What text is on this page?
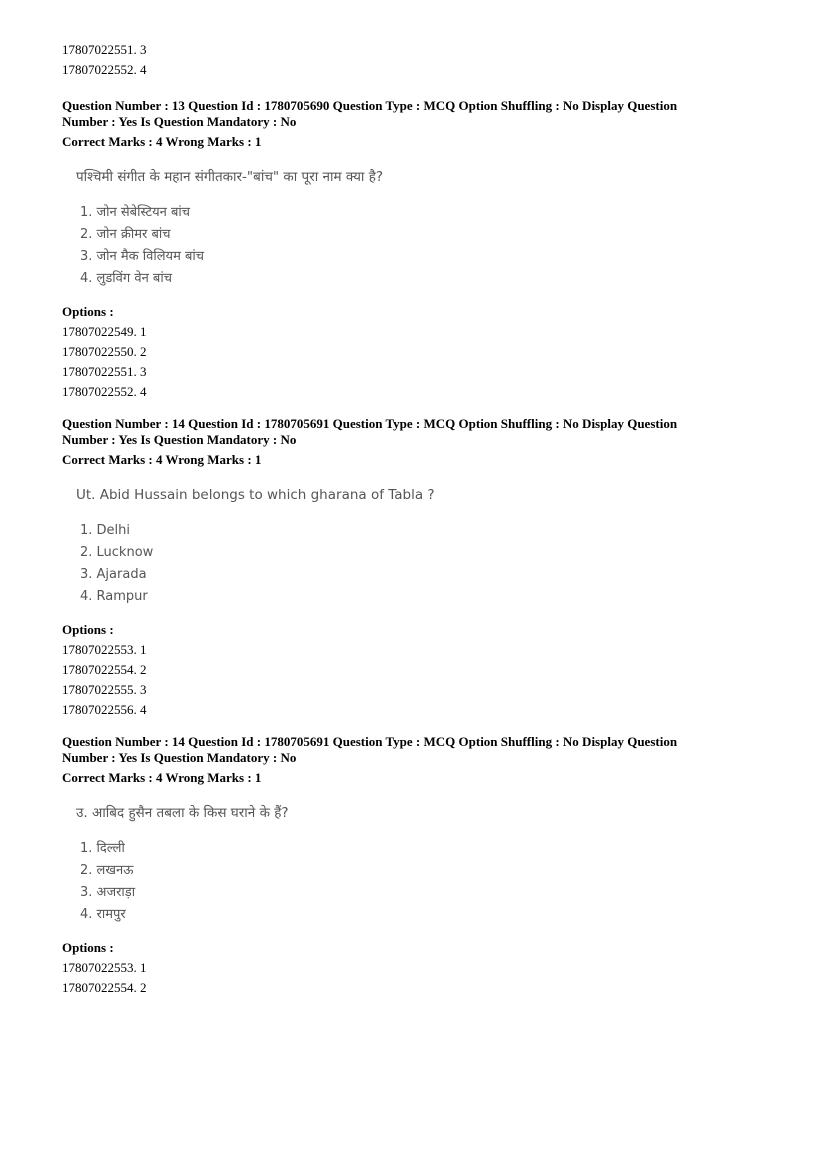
17807022551. 3
17807022552. 4
Question Number : 13 Question Id : 1780705690 Question Type : MCQ Option Shuffling : No Display Question
Number : Yes Is Question Mandatory : No
Correct Marks : 4 Wrong Marks : 1
पश्चिमी संगीत के महान संगीतकार-"बांच" का पूरा नाम क्या है?
1. जोन सेबेस्टियन बांच
2. जोन क्रीमर बांच
3. जोन मैक विलियम बांच
4. लुडविंग वेन बांच
Options :
17807022549. 1
17807022550. 2
17807022551. 3
17807022552. 4
Question Number : 14 Question Id : 1780705691 Question Type : MCQ Option Shuffling : No Display Question
Number : Yes Is Question Mandatory : No
Correct Marks : 4 Wrong Marks : 1
Ut. Abid Hussain belongs to which gharana of Tabla ?
1. Delhi
2. Lucknow
3. Ajarada
4. Rampur
Options :
17807022553. 1
17807022554. 2
17807022555. 3
17807022556. 4
Question Number : 14 Question Id : 1780705691 Question Type : MCQ Option Shuffling : No Display Question
Number : Yes Is Question Mandatory : No
Correct Marks : 4 Wrong Marks : 1
उ. आबिद हुसैन तबला के किस घराने के हैं?
1. दिल्ली
2. लखनऊ
3. अजराड़ा
4. रामपुर
Options :
17807022553. 1
17807022554. 2
